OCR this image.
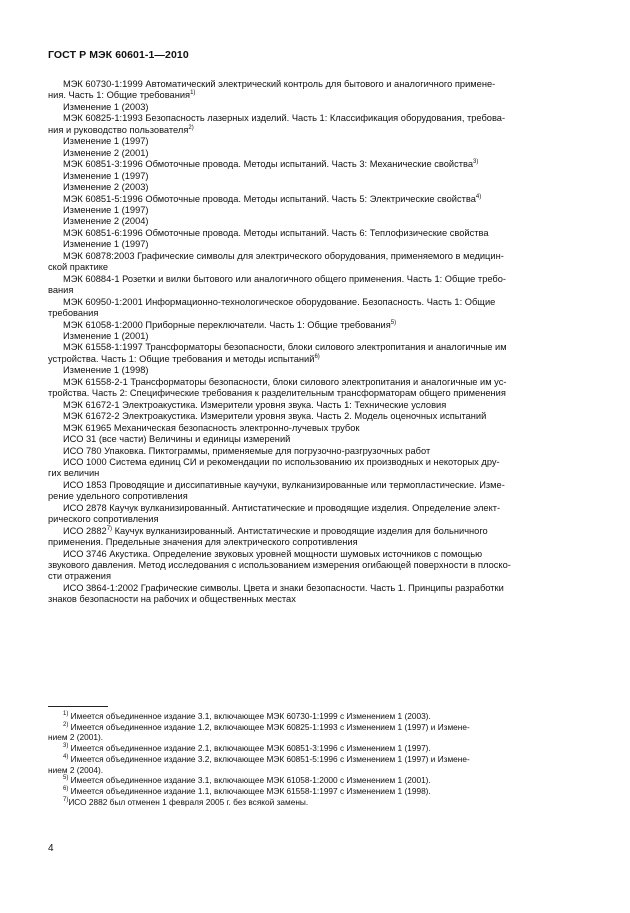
ГОСТ Р МЭК 60601-1—2010

МЭК 60730-1:1999 Автоматический электрический контроль для бытового и аналогичного примене-

ния. Часть 1: Общие требования$^{1)}$

Изменение 1 (2003)

МЭК 60825-1:1993 Безопасность лазерных изделий. Часть 1: Классификация оборудования, требова-

ния и руководство пользователя$^{2)}$

Изменение 1 (1997)

Изменение 2 (2001)

МЭК 60851-3:1996 Обмоточные провода. Методы испытаний. Часть 3: Механические свойства$^{3)}$

Изменение 1 (1997)

Изменение 2 (2003)

МЭК 60851-5:1996 Обмоточные провода. Методы испытаний. Часть 5: Электрические свойства$^{4)}$

Изменение 1 (1997)

Изменение 2 (2004)

МЭК 60851-6:1996 Обмоточные провода. Методы испытаний. Часть 6: Теплофизические свойства

Изменение 1 (1997)

МЭК 60878:2003 Графические символы для электрического оборудования, применяемого в медицин-

ской практике

МЭК 60884-1 Розетки и вилки бытового или аналогичного общего применения. Часть 1: Общие требо-

вания

МЭК 60950-1:2001 Информационно-технологическое оборудование. Безопасность. Часть 1: Общие

требования

МЭК 61058-1:2000 Приборные переключатели. Часть 1: Общие требования$^{5)}$

Изменение 1 (2001)

МЭК 61558-1:1997 Трансформаторы безопасности, блоки силового электропитания и аналогичные им

устройства. Часть 1: Общие требования и методы испытаний$^{6)}$

Изменение 1 (1998)

МЭК 61558-2-1 Трансформаторы безопасности, блоки силового электропитания и аналогичные им ус-

тройства. Часть 2: Специфические требования к разделительным трансформаторам общего применения

МЭК 61672-1 Электроакустика. Измерители уровня звука. Часть 1: Технические условия

МЭК 61672-2 Электроакустика. Измерители уровня звука. Часть 2. Модель оценочных испытаний

МЭК 61965 Механическая безопасность электронно-лучевых трубок

ИСО 31 (все части) Величины и единицы измерений

ИСО 780 Упаковка. Пиктограммы, применяемые для погрузочно-разгрузочных работ

ИСО 1000 Система единиц СИ и рекомендации по использованию их производных и некоторых дру-

гих величин

ИСО 1853 Проводящие и диссипативные каучуки, вулканизированные или термопластические. Изме-

рение удельного сопротивления

ИСО 2878 Каучук вулканизированный. Антистатические и проводящие изделия. Определение элект-

рического сопротивления

ИСО 2882$^{7)}$ Каучук вулканизированный. Антистатические и проводящие изделия для больничного

применения. Предельные значения для электрического сопротивления

ИСО 3746 Акустика. Определение звуковых уровней мощности шумовых источников с помощью

звукового давления. Метод исследования с использованием измерения огибающей поверхности в плоско-

сти отражения

ИСО 3864-1:2002 Графические символы. Цвета и знаки безопасности. Часть 1. Принципы разработки

знаков безопасности на рабочих и общественных местах

$^{1)}$ Имеется объединенное издание 3.1, включающее МЭК 60730-1:1999 с Изменением 1 (2003).

$^{2)}$ Имеется объединенное издание 1.2, включающее МЭК 60825-1:1993 с Изменением 1 (1997) и Измене-

нием 2 (2001).

$^{3)}$ Имеется объединенное издание 2.1, включающее МЭК 60851-3:1996 с Изменением 1 (1997).

$^{4)}$ Имеется объединенное издание 3.2, включающее МЭК 60851-5:1996 с Изменением 1 (1997) и Измене-

нием 2 (2004).

$^{5)}$ Имеется объединенное издание 3.1, включающее МЭК 61058-1:2000 с Изменением 1 (2001).

$^{6)}$ Имеется объединенное издание 1.1, включающее МЭК 61558-1:1997 с Изменением 1 (1998).

$^{7)}$ИСО 2882 был отменен 1 февраля 2005 г. без всякой замены.

4
